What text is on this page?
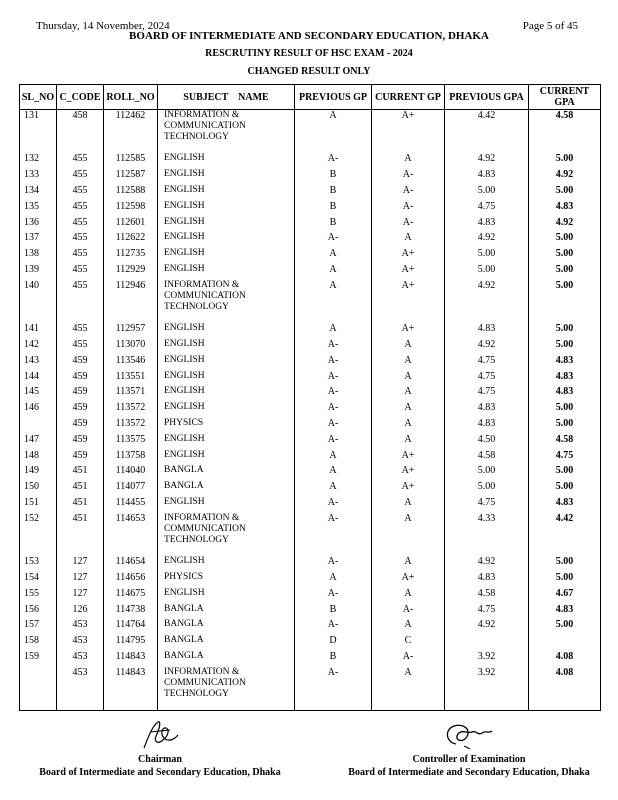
Thursday, 14 November, 2024	Page 5 of 45
BOARD OF INTERMEDIATE AND SECONDARY EDUCATION, DHAKA
RESCRUTINY RESULT OF HSC EXAM - 2024
CHANGED RESULT ONLY
SL_NO	C_CODE	ROLL_NO	SUBJECT    NAME	PREVIOUS GP	CURRENT GP	PREVIOUS GPA	CURRENT GPA
131	458	112462	INFORMATION & COMMUNICATION TECHNOLOGY	A	A+	4.42	4.58
132	455	112585	ENGLISH	A-	A	4.92	5.00
133	455	112587	ENGLISH	B	A-	4.83	4.92
134	455	112588	ENGLISH	B	A-	5.00	5.00
135	455	112598	ENGLISH	B	A-	4.75	4.83
136	455	112601	ENGLISH	B	A-	4.83	4.92
137	455	112622	ENGLISH	A-	A	4.92	5.00
138	455	112735	ENGLISH	A	A+	5.00	5.00
139	455	112929	ENGLISH	A	A+	5.00	5.00
140	455	112946	INFORMATION & COMMUNICATION TECHNOLOGY	A	A+	4.92	5.00
141	455	112957	ENGLISH	A	A+	4.83	5.00
142	455	113070	ENGLISH	A-	A	4.92	5.00
143	459	113546	ENGLISH	A-	A	4.75	4.83
144	459	113551	ENGLISH	A-	A	4.75	4.83
145	459	113571	ENGLISH	A-	A	4.75	4.83
146	459	113572	ENGLISH	A-	A	4.83	5.00
	459	113572	PHYSICS	A-	A	4.83	5.00
147	459	113575	ENGLISH	A-	A	4.50	4.58
148	459	113758	ENGLISH	A	A+	4.58	4.75
149	451	114040	BANGLA	A	A+	5.00	5.00
150	451	114077	BANGLA	A	A+	5.00	5.00
151	451	114455	ENGLISH	A-	A	4.75	4.83
152	451	114653	INFORMATION & COMMUNICATION TECHNOLOGY	A-	A	4.33	4.42
153	127	114654	ENGLISH	A-	A	4.92	5.00
154	127	114656	PHYSICS	A	A+	4.83	5.00
155	127	114675	ENGLISH	A-	A	4.58	4.67
156	126	114738	BANGLA	B	A-	4.75	4.83
157	453	114764	BANGLA	A-	A	4.92	5.00
158	453	114795	BANGLA	D	C		
159	453	114843	BANGLA	B	A-	3.92	4.08
	453	114843	INFORMATION & COMMUNICATION TECHNOLOGY	A-	A	3.92	4.08
Chairman
Board of Intermediate and Secondary Education, Dhaka
Controller of Examination
Board of Intermediate and Secondary Education, Dhaka
